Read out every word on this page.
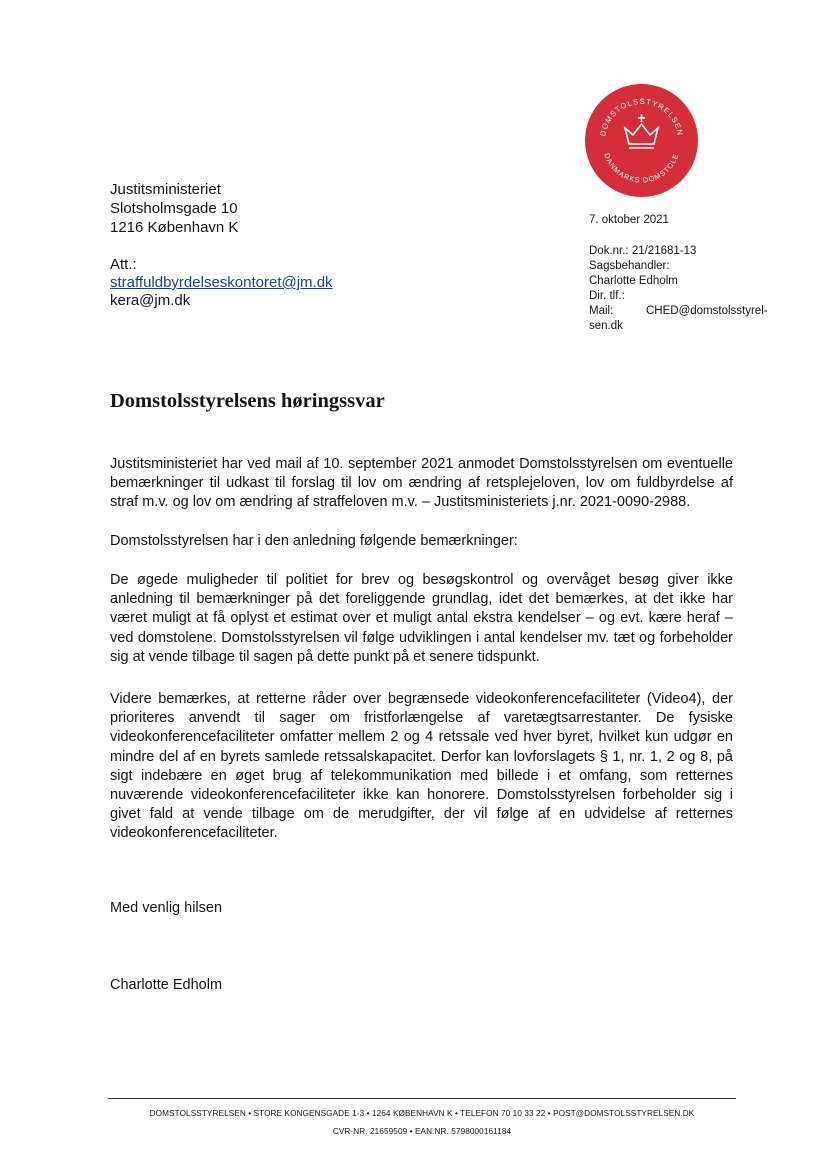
Justitsministeriet
Slotsholmsgade 10
1216 København K
Att.:
straffuldbyrdelseskontoret@jm.dk
kera@jm.dk
DOMSTOLSSTYRELSEN
DANMARKS DOMSTOLE
7. oktober 2021
Dok.nr.: 21/21681-13
Sagsbehandler:
Charlotte Edholm
Dir. tlf.:
Mail:	CHED@domstolsstyrel-
sen.dk
Domstolsstyrelsens høringssvar

Justitsministeriet har ved mail af 10. september 2021 anmodet Domstolsstyrelsen om eventuelle bemærkninger til udkast til forslag til lov om ændring af retsplejeloven, lov om fuldbyrdelse af straf m.v. og lov om ændring af straffeloven m.v. – Justitsministeriets j.nr. 2021-0090-2988.

Domstolsstyrelsen har i den anledning følgende bemærkninger:

De øgede muligheder til politiet for brev og besøgskontrol og overvåget besøg giver ikke anledning til bemærkninger på det foreliggende grundlag, idet det bemærkes, at det ikke har været muligt at få oplyst et estimat over et muligt antal ekstra kendelser – og evt. kære heraf – ved domstolene. Domstolsstyrelsen vil følge udviklingen i antal kendelser mv. tæt og forbeholder sig at vende tilbage til sagen på dette punkt på et senere tidspunkt.

Videre bemærkes, at retterne råder over begrænsede videokonferencefaciliteter (Video4), der prioriteres anvendt til sager om fristforlængelse af varetægtsarrestanter. De fysiske videokonferencefaciliteter omfatter mellem 2 og 4 retssale ved hver byret, hvilket kun udgør en mindre del af en byrets samlede retssalskapacitet. Derfor kan lovforslagets § 1, nr. 1, 2 og 8, på sigt indebære en øget brug af telekommunikation med billede i et omfang, som retternes nuværende videokonferencefaciliteter ikke kan honorere. Domstolsstyrelsen forbeholder sig i givet fald at vende tilbage om de merudgifter, der vil følge af en udvidelse af retternes videokonferencefaciliteter.

Med venlig hilsen
Charlotte Edholm
DOMSTOLSSTYRELSEN • STORE KONGENSGADE 1-3 • 1264 KØBENHAVN K • TELEFON 70 10 33 22 • POST@DOMSTOLSSTYRELSEN.DK
CVR-NR. 21659509 • EAN.NR. 5798000161184
